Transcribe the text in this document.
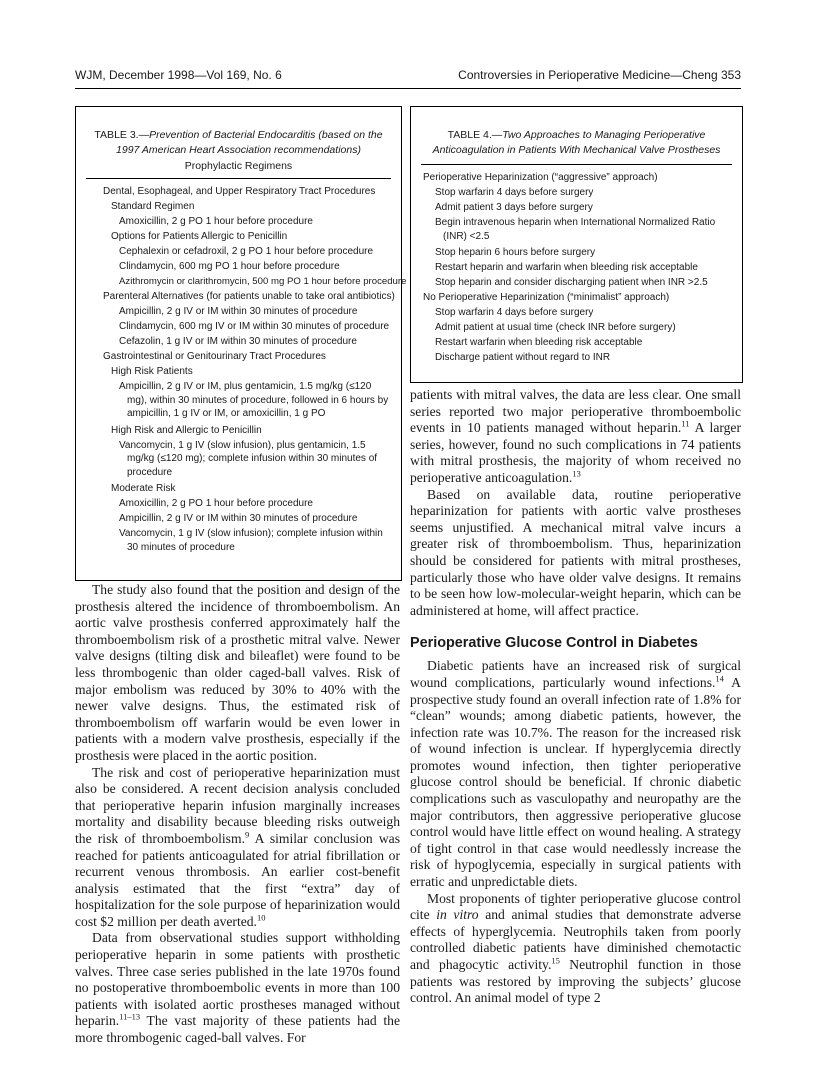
WJM, December 1998—Vol 169, No. 6	Controversies in Perioperative Medicine—Cheng 353
TABLE 3.—Prevention of Bacterial Endocarditis (based on the 1997 American Heart Association recommendations)
Prophylactic Regimens
Dental, Esophageal, and Upper Respiratory Tract Procedures
Standard Regimen
Amoxicillin, 2 g PO 1 hour before procedure
Options for Patients Allergic to Penicillin
Cephalexin or cefadroxil, 2 g PO 1 hour before procedure
Clindamycin, 600 mg PO 1 hour before procedure
Azithromycin or clarithromycin, 500 mg PO 1 hour before procedure
Parenteral Alternatives (for patients unable to take oral antibiotics)
Ampicillin, 2 g IV or IM within 30 minutes of procedure
Clindamycin, 600 mg IV or IM within 30 minutes of procedure
Cefazolin, 1 g IV or IM within 30 minutes of procedure
Gastrointestinal or Genitourinary Tract Procedures
High Risk Patients
Ampicillin, 2 g IV or IM, plus gentamicin, 1.5 mg/kg (≤120 mg), within 30 minutes of procedure, followed in 6 hours by ampicillin, 1 g IV or IM, or amoxicillin, 1 g PO
High Risk and Allergic to Penicillin
Vancomycin, 1 g IV (slow infusion), plus gentamicin, 1.5 mg/kg (≤120 mg); complete infusion within 30 minutes of procedure
Moderate Risk
Amoxicillin, 2 g PO 1 hour before procedure
Ampicillin, 2 g IV or IM within 30 minutes of procedure
Vancomycin, 1 g IV (slow infusion); complete infusion within 30 minutes of procedure
TABLE 4.—Two Approaches to Managing Perioperative Anticoagulation in Patients With Mechanical Valve Prostheses
Perioperative Heparinization (“aggressive” approach)
Stop warfarin 4 days before surgery
Admit patient 3 days before surgery
Begin intravenous heparin when International Normalized Ratio (INR) <2.5
Stop heparin 6 hours before surgery
Restart heparin and warfarin when bleeding risk acceptable
Stop heparin and consider discharging patient when INR >2.5
No Perioperative Heparinization (“minimalist” approach)
Stop warfarin 4 days before surgery
Admit patient at usual time (check INR before surgery)
Restart warfarin when bleeding risk acceptable
Discharge patient without regard to INR

The study also found that the position and design of the prosthesis altered the incidence of thromboembolism. An aortic valve prosthesis conferred approximately half the thromboembolism risk of a prosthetic mitral valve. Newer valve designs (tilting disk and bileaflet) were found to be less thrombogenic than older caged-ball valves. Risk of major embolism was reduced by 30% to 40% with the newer valve designs. Thus, the estimated risk of thromboembolism off warfarin would be even lower in patients with a modern valve prosthesis, especially if the prosthesis were placed in the aortic position.

The risk and cost of perioperative heparinization must also be considered. A recent decision analysis concluded that perioperative heparin infusion marginally increases mortality and disability because bleeding risks outweigh the risk of thromboembolism.$^9$ A similar conclusion was reached for patients anticoagulated for atrial fibrillation or recurrent venous thrombosis. An earlier cost-benefit analysis estimated that the first “extra” day of hospitalization for the sole purpose of heparinization would cost $2 million per death averted.$^{10}$

Data from observational studies support withholding perioperative heparin in some patients with prosthetic valves. Three case series published in the late 1970s found no postoperative thromboembolic events in more than 100 patients with isolated aortic prostheses managed without heparin.$^{11-13}$ The vast majority of these patients had the more thrombogenic caged-ball valves. For

patients with mitral valves, the data are less clear. One small series reported two major perioperative thromboembolic events in 10 patients managed without heparin.$^{11}$ A larger series, however, found no such complications in 74 patients with mitral prosthesis, the majority of whom received no perioperative anticoagulation.$^{13}$

Based on available data, routine perioperative heparinization for patients with aortic valve prostheses seems unjustified. A mechanical mitral valve incurs a greater risk of thromboembolism. Thus, heparinization should be considered for patients with mitral prostheses, particularly those who have older valve designs. It remains to be seen how low-molecular-weight heparin, which can be administered at home, will affect practice.

Perioperative Glucose Control in Diabetes

Diabetic patients have an increased risk of surgical wound complications, particularly wound infections.$^{14}$ A prospective study found an overall infection rate of 1.8% for “clean” wounds; among diabetic patients, however, the infection rate was 10.7%. The reason for the increased risk of wound infection is unclear. If hyperglycemia directly promotes wound infection, then tighter perioperative glucose control should be beneficial. If chronic diabetic complications such as vasculopathy and neuropathy are the major contributors, then aggressive perioperative glucose control would have little effect on wound healing. A strategy of tight control in that case would needlessly increase the risk of hypoglycemia, especially in surgical patients with erratic and unpredictable diets.

Most proponents of tighter perioperative glucose control cite in vitro and animal studies that demonstrate adverse effects of hyperglycemia. Neutrophils taken from poorly controlled diabetic patients have diminished chemotactic and phagocytic activity.$^{15}$ Neutrophil function in those patients was restored by improving the subjects’ glucose control. An animal model of type 2
